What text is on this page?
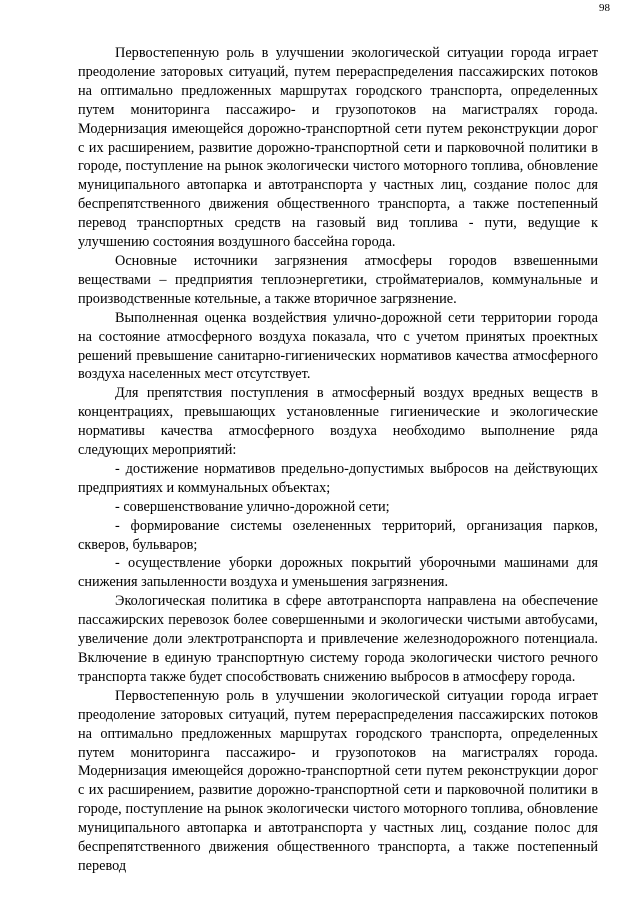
98

Первостепенную роль в улучшении экологической ситуации города играет преодоление заторовых ситуаций, путем перераспределения пассажирских потоков на оптимально предложенных маршрутах городского транспорта, определенных путем мониторинга пассажиро- и грузопотоков на магистралях города. Модернизация имеющейся дорожно-транспортной сети путем реконструкции дорог с их расширением, развитие дорожно-транспортной сети и парковочной политики в городе, поступление на рынок экологически чистого моторного топлива, обновление муниципального автопарка и автотранспорта у частных лиц, создание полос для беспрепятственного движения общественного транспорта, а также постепенный перевод транспортных средств на газовый вид топлива - пути, ведущие к улучшению состояния воздушного бассейна города.

Основные источники загрязнения атмосферы городов взвешенными веществами – предприятия теплоэнергетики, стройматериалов, коммунальные и производственные котельные, а также вторичное загрязнение.

Выполненная оценка воздействия улично-дорожной сети территории города на состояние атмосферного воздуха показала, что с учетом принятых проектных решений превышение санитарно-гигиенических нормативов качества атмосферного воздуха населенных мест отсутствует.

Для препятствия поступления в атмосферный воздух вредных веществ в концентрациях, превышающих установленные гигиенические и экологические нормативы качества атмосферного воздуха необходимо выполнение ряда следующих мероприятий:

- достижение нормативов предельно-допустимых выбросов на действующих предприятиях и коммунальных объектах;

- совершенствование улично-дорожной сети;

- формирование системы озелененных территорий, организация парков, скверов, бульваров;

- осуществление уборки дорожных покрытий уборочными машинами для снижения запыленности воздуха и уменьшения загрязнения.

Экологическая политика в сфере автотранспорта направлена на обеспечение пассажирских перевозок более совершенными и экологически чистыми автобусами, увеличение доли электротранспорта и привлечение железнодорожного потенциала. Включение в единую транспортную систему города экологически чистого речного транспорта также будет способствовать снижению выбросов в атмосферу города.

Первостепенную роль в улучшении экологической ситуации города играет преодоление заторовых ситуаций, путем перераспределения пассажирских потоков на оптимально предложенных маршрутах городского транспорта, определенных путем мониторинга пассажиро- и грузопотоков на магистралях города. Модернизация имеющейся дорожно-транспортной сети путем реконструкции дорог с их расширением, развитие дорожно-транспортной сети и парковочной политики в городе, поступление на рынок экологически чистого моторного топлива, обновление муниципального автопарка и автотранспорта у частных лиц, создание полос для беспрепятственного движения общественного транспорта, а также постепенный перевод
